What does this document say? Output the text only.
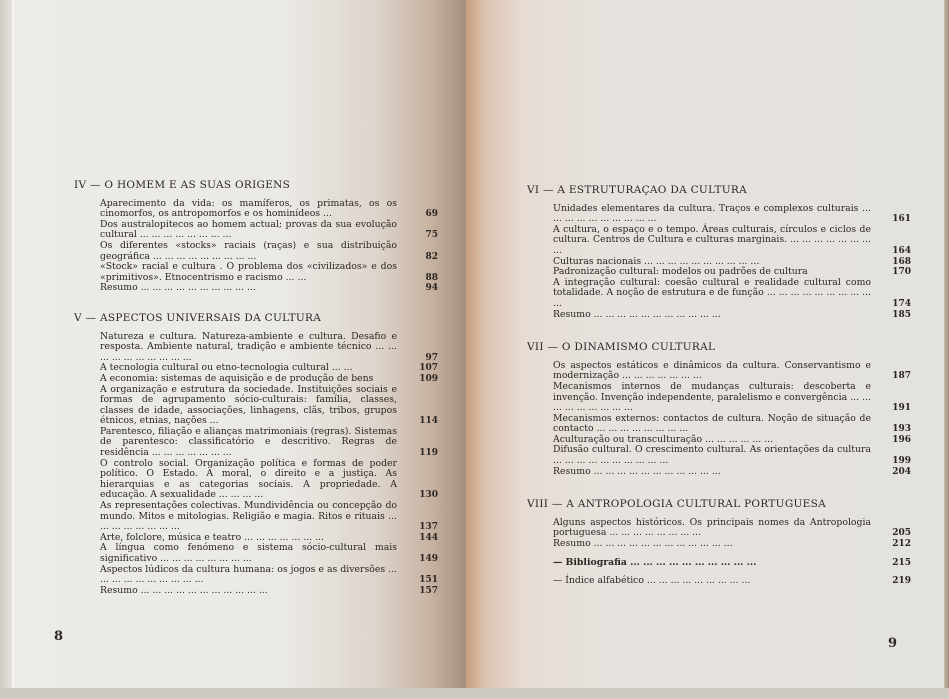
IV — O HOMEM E AS SUAS ORIGENS
Aparecimento da vida: os mamíferos, os primatas, os os cinomorfos, os antropomorfos e os hominídeos ...	69
Dos australopitecos ao homem actual; provas da sua evolução cultural ... ... ... ... ... ... ... ...	75
Os diferentes «stocks» raciais (raças) e sua distribuição geográfica ... ... ... ... ... ... ... ... ...	82
«Stock» racial e cultura . O problema dos «civilizados» e dos «primitivos». Etnocentrismo e racismo ... ...	88
Resumo ... ... ... ... ... ... ... ... ... ...	94
V — ASPECTOS UNIVERSAIS DA CULTURA
Natureza e cultura. Natureza-ambiente e cultura. Desafio e resposta. Ambiente natural, tradição e ambiente técnico ... ... ... ... ... ... ... ... ... ...	97
A tecnologia cultural ou etno-tecnologia cultural ... ...	107
A economia: sistemas de aquisição e de produção de bens	109
A organização e estrutura da sociedade. Instituições sociais e formas de agrupamento sócio-culturais: família, classes, classes de idade, associações, linhagens, clãs, tribos, grupos étnicos, etnias, nações ...	114
Parentesco, filiação e alianças matrimoniais (regras). Sistemas de parentesco: classificatório e descritivo. Regras de residência ... ... ... ... ... ... ...	119
O controlo social. Organização política e formas de poder político. O Estado. A moral, o direito e a justiça. As hierarquias e as categorias sociais. A propriedade. A educação. A sexualidade ... ... ... ...	130
As representações colectivas. Mundividência ou concepção do mundo. Mitos e mitologias. Religião e magia. Ritos e rituais ... ... ... ... ... ... ... ...	137
Arte, folclore, música e teatro ... ... ... ... ... ... ...	144
A língua como fenómeno e sistema sócio-cultural mais significativo ... ... ... ... ... ... ... ...	149
Aspectos lúdicos da cultura humana: os jogos e as diversões ... ... ... ... ... ... ... ... ... ...	151
Resumo ... ... ... ... ... ... ... ... ... ... ...	157
8
VI — A ESTRUTURAÇAO DA CULTURA
Unidades elementares da cultura. Traços e complexos culturais ... ... ... ... ... ... ... ... ... ...	161
A cultura, o espaço e o tempo. Áreas culturais, círculos e ciclos de cultura. Centros de Cultura e culturas marginais. ... ... ... ... ... ... ... ...	164
Culturas nacionais ... ... ... ... ... ... ... ... ... ...	168
Padronização cultural: modelos ou padrões de cultura	170
A integração cultural: coesão cultural e realidade cultural como totalidade. A noção de estrutura e de função ... ... ... ... ... ... ... ... ... ...	174
Resumo ... ... ... ... ... ... ... ... ... ... ...	185
VII — O DINAMISMO CULTURAL
Os aspectos estáticos e dinâmicos da cultura. Conservantismo e modernização ... ... ... ... ... ... ...	187
Mecanismos internos de mudanças culturais: descoberta e invenção. Invenção independente, paralelismo e convergência ... ... ... ... ... ... ... ... ...	191
Mecanismos externos: contactos de cultura. Noção de situação de contacto ... ... ... ... ... ... ... ...	193
Aculturação ou transculturação ... ... ... ... ... ...	196
Difusão cultural. O crescimento cultural. As orientações da cultura ... ... ... ... ... ... ... ... ... ...	199
Resumo ... ... ... ... ... ... ... ... ... ... ...	204
VIII — A ANTROPOLOGIA CULTURAL PORTUGUESA
Alguns aspectos históricos. Os principais nomes da Antropologia portuguesa ... ... ... ... ... ... ... ...	205
Resumo ... ... ... ... ... ... ... ... ... ... ... ...	212
— Bibliografia ... ... ... ... ... ... ... ... ... ...	215
— Índice alfabético ... ... ... ... ... ... ... ... ...	219
9
